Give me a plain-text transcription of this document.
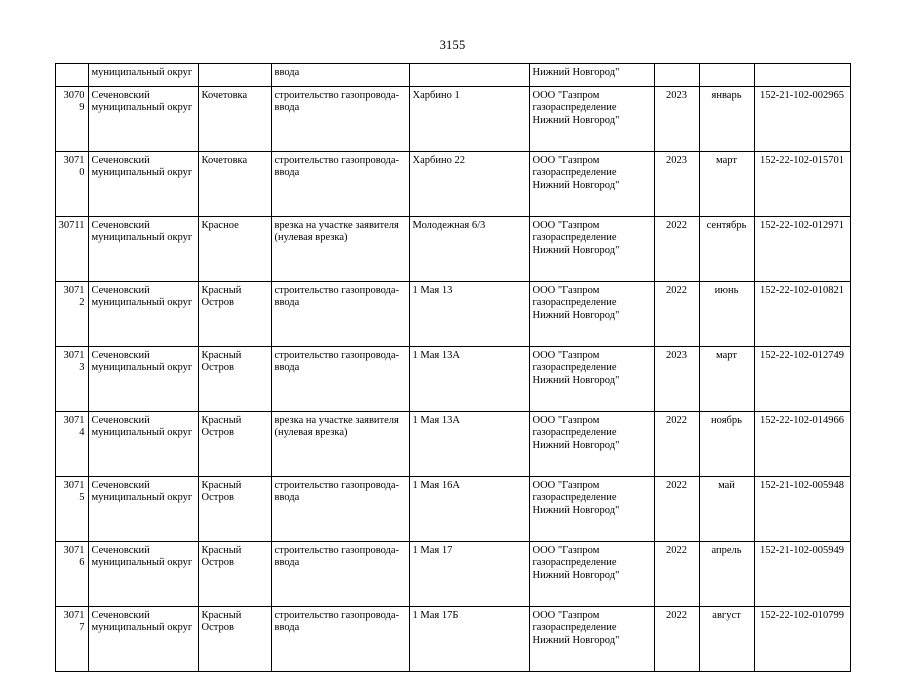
3155
	муниципальный округ		ввода		Нижний Новгород"			
30709	Сеченовский муниципальный округ	Кочетовка	строительство газопровода-ввода	Харбино 1	ООО "Газпром газораспределение Нижний Новгород"	2023	январь	152-21-102-002965
30710	Сеченовский муниципальный округ	Кочетовка	строительство газопровода-ввода	Харбино 22	ООО "Газпром газораспределение Нижний Новгород"	2023	март	152-22-102-015701
30711	Сеченовский муниципальный округ	Красное	врезка на участке заявителя (нулевая врезка)	Молодежная 6/3	ООО "Газпром газораспределение Нижний Новгород"	2022	сентябрь	152-22-102-012971
30712	Сеченовский муниципальный округ	Красный Остров	строительство газопровода-ввода	1 Мая 13	ООО "Газпром газораспределение Нижний Новгород"	2022	июнь	152-22-102-010821
30713	Сеченовский муниципальный округ	Красный Остров	строительство газопровода-ввода	1 Мая 13А	ООО "Газпром газораспределение Нижний Новгород"	2023	март	152-22-102-012749
30714	Сеченовский муниципальный округ	Красный Остров	врезка на участке заявителя (нулевая врезка)	1 Мая 13А	ООО "Газпром газораспределение Нижний Новгород"	2022	ноябрь	152-22-102-014966
30715	Сеченовский муниципальный округ	Красный Остров	строительство газопровода-ввода	1 Мая 16А	ООО "Газпром газораспределение Нижний Новгород"	2022	май	152-21-102-005948
30716	Сеченовский муниципальный округ	Красный Остров	строительство газопровода-ввода	1 Мая 17	ООО "Газпром газораспределение Нижний Новгород"	2022	апрель	152-21-102-005949
30717	Сеченовский муниципальный округ	Красный Остров	строительство газопровода-ввода	1 Мая 17Б	ООО "Газпром газораспределение Нижний Новгород"	2022	август	152-22-102-010799
